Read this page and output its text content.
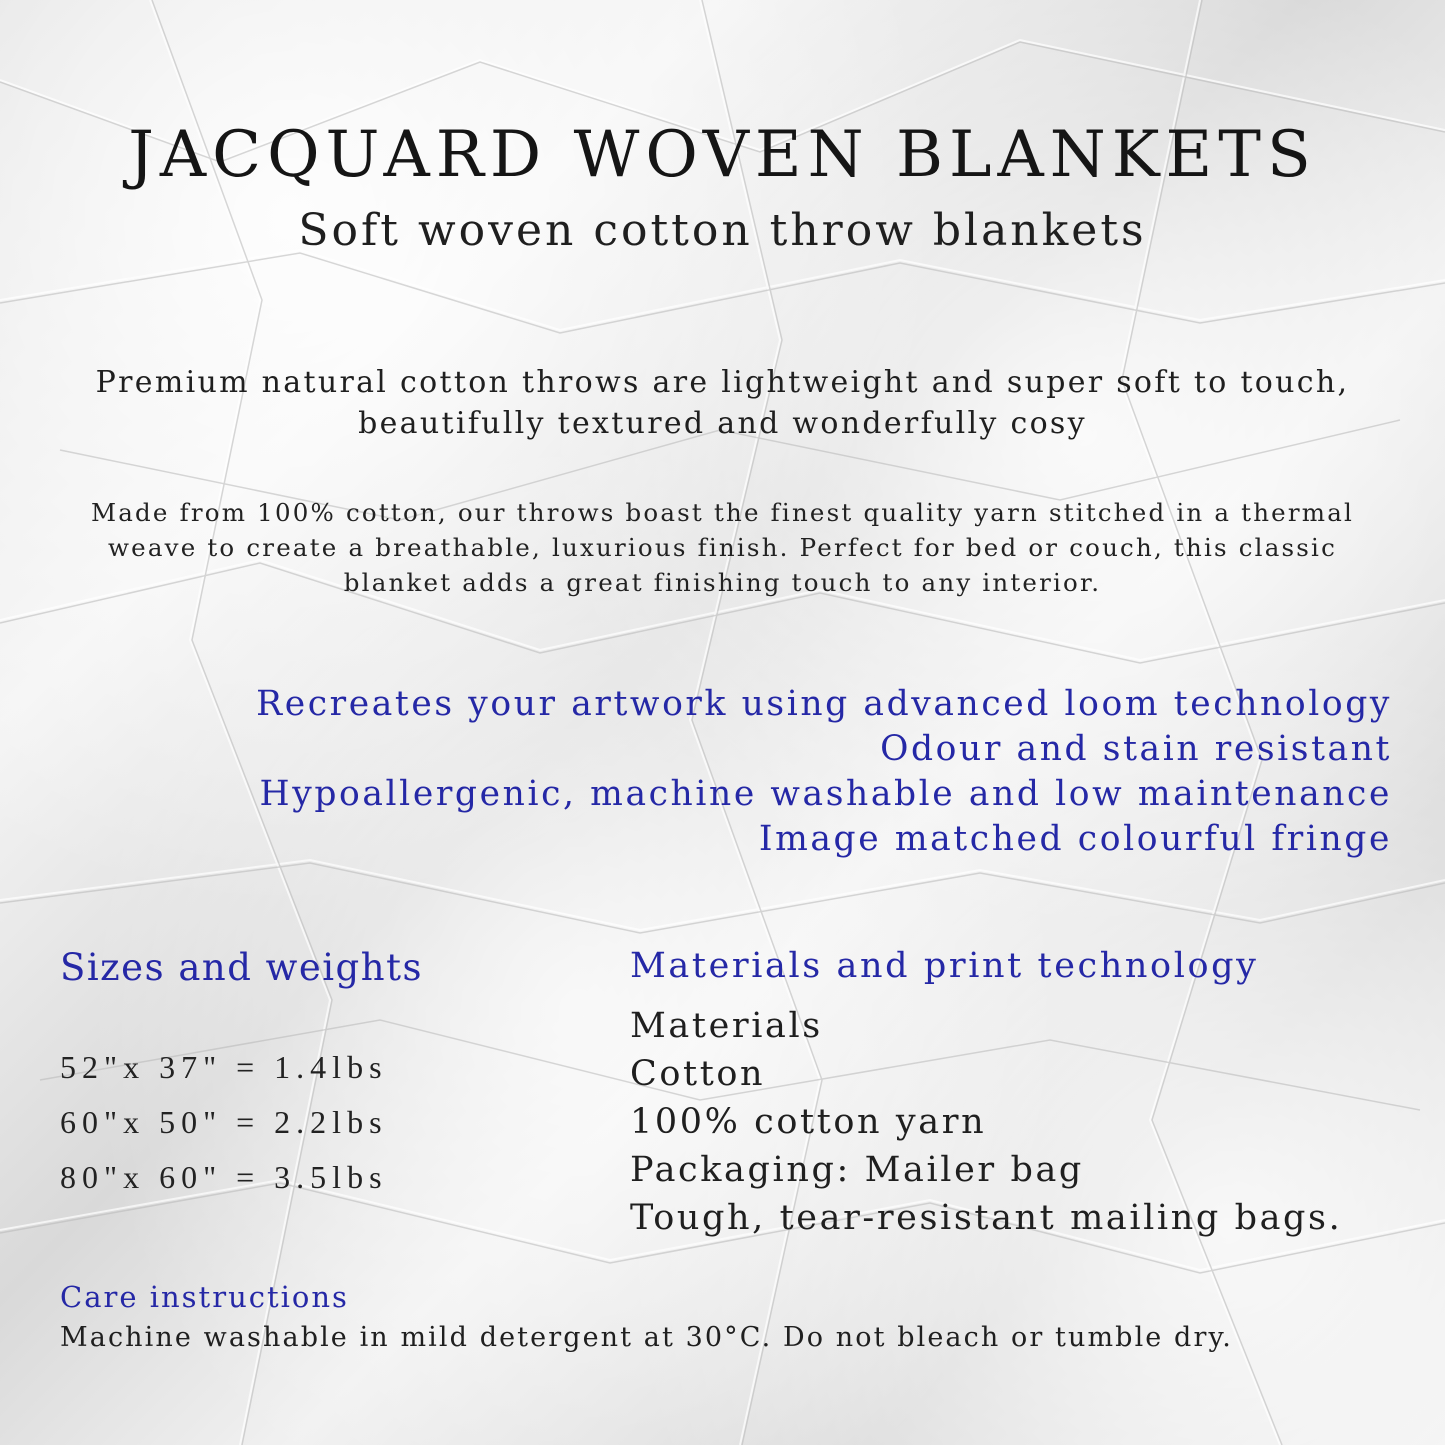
JACQUARD WOVEN BLANKETS
Soft woven cotton throw blankets
Premium natural cotton throws are lightweight and super soft to touch,
beautifully textured and wonderfully cosy
Made from 100% cotton, our throws boast the finest quality yarn stitched in a thermal
weave to create a breathable, luxurious finish. Perfect for bed or couch, this classic
blanket adds a great finishing touch to any interior.
Recreates your artwork using advanced loom technology
Odour and stain resistant
Hypoallergenic, machine washable and low maintenance
Image matched colourful fringe
Sizes and weights
52"x 37" = 1.4lbs
60"x 50" = 2.2lbs
80"x 60" = 3.5lbs
Materials and print technology
Materials
Cotton
100% cotton yarn
Packaging: Mailer bag
Tough, tear-resistant mailing bags.
Care instructions
Machine washable in mild detergent at 30°C. Do not bleach or tumble dry.
